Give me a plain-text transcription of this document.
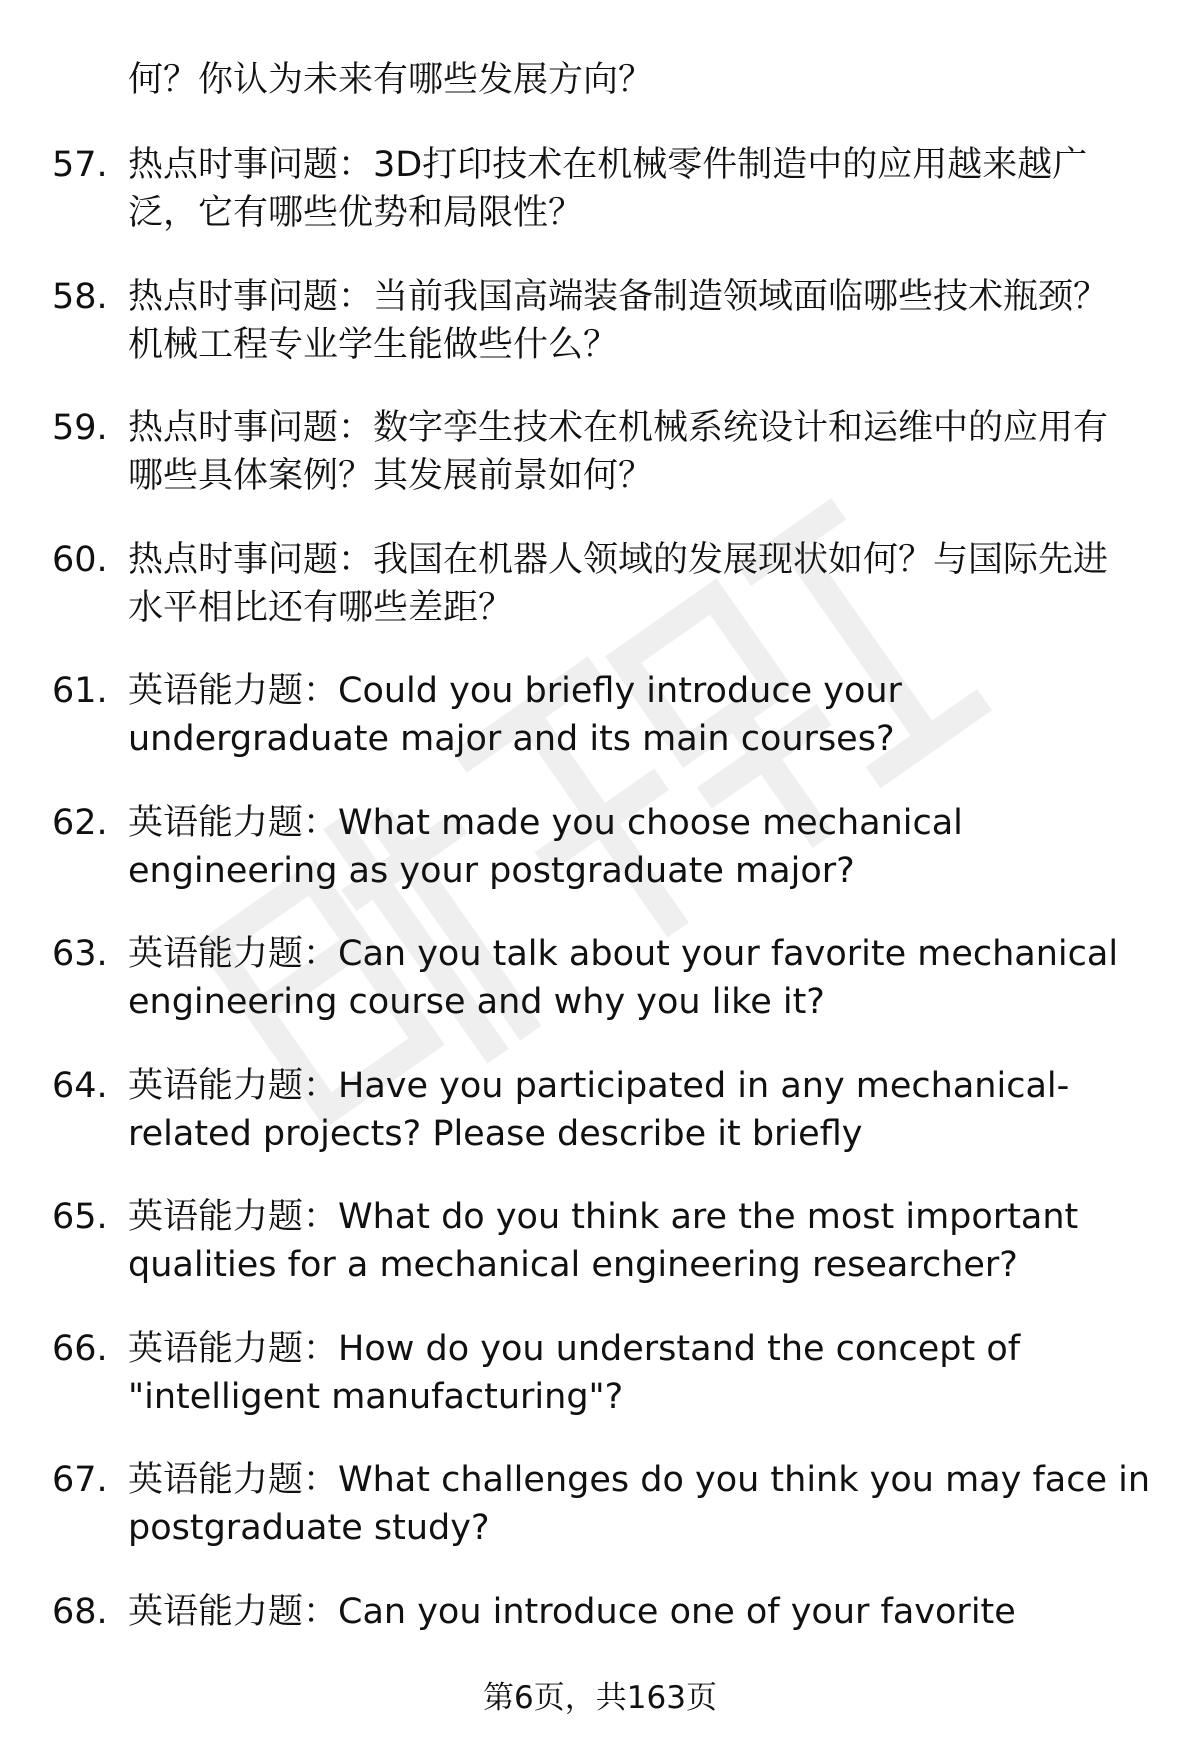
何？你认为未来有哪些发展方向？
57. 热点时事问题：3D打印技术在机械零件制造中的应用越来越广
泛，它有哪些优势和局限性？
58. 热点时事问题：当前我国高端装备制造领域面临哪些技术瓶颈？
机械工程专业学生能做些什么？
59. 热点时事问题：数字孪生技术在机械系统设计和运维中的应用有
哪些具体案例？其发展前景如何？
60. 热点时事问题：我国在机器人领域的发展现状如何？与国际先进
水平相比还有哪些差距？
61. 英语能力题：Could you briefly introduce your
undergraduate major and its main courses?
62. 英语能力题：What made you choose mechanical
engineering as your postgraduate major?
63. 英语能力题：Can you talk about your favorite mechanical
engineering course and why you like it?
64. 英语能力题：Have you participated in any mechanical-
related projects? Please describe it briefly
65. 英语能力题：What do you think are the most important
qualities for a mechanical engineering researcher?
66. 英语能力题：How do you understand the concept of
"intelligent manufacturing"?
67. 英语能力题：What challenges do you think you may face in
postgraduate study?
68. 英语能力题：Can you introduce one of your favorite
第6页，共163页
